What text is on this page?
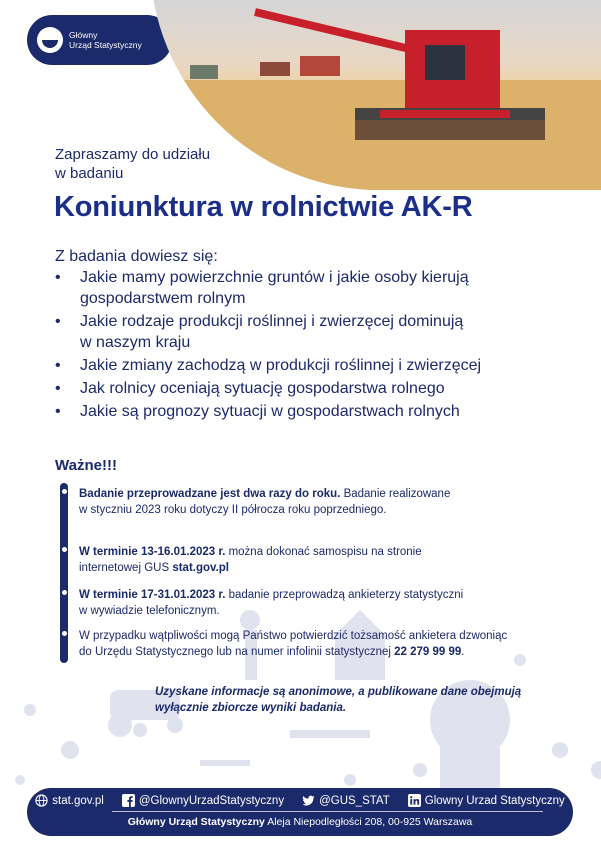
Główny
Urząd Statystyczny
Zapraszamy do udziału
w badaniu
Koniunktura w rolnictwie AK-R
Z badania dowiesz się:
• Jakie mamy powierzchnie gruntów i jakie osoby kierują
gospodarstwem rolnym
• Jakie rodzaje produkcji roślinnej i zwierzęcej dominują
w naszym kraju
• Jakie zmiany zachodzą w produkcji roślinnej i zwierzęcej
• Jak rolnicy oceniają sytuację gospodarstwa rolnego
• Jakie są prognozy sytuacji w gospodarstwach rolnych
Ważne!!!
Badanie przeprowadzane jest dwa razy do roku. Badanie realizowane
w styczniu 2023 roku dotyczy II półrocza roku poprzedniego.
W terminie 13-16.01.2023 r. można dokonać samospisu na stronie
internetowej GUS stat.gov.pl
W terminie 17-31.01.2023 r. badanie przeprowadzą ankieterzy statystyczni
w wywiadzie telefonicznym.
W przypadku wątpliwości mogą Państwo potwierdzić tożsamość ankietera dzwoniąc
do Urzędu Statystycznego lub na numer infolinii statystycznej 22 279 99 99.
Uzyskane informacje są anonimowe, a publikowane dane obejmują
wyłącznie zbiorcze wyniki badania.
stat.gov.pl	@GlownyUrzadStatystyczny	@GUS_STAT	Glowny Urzad Statystyczny
Główny Urząd Statystyczny Aleja Niepodległości 208, 00-925 Warszawa
